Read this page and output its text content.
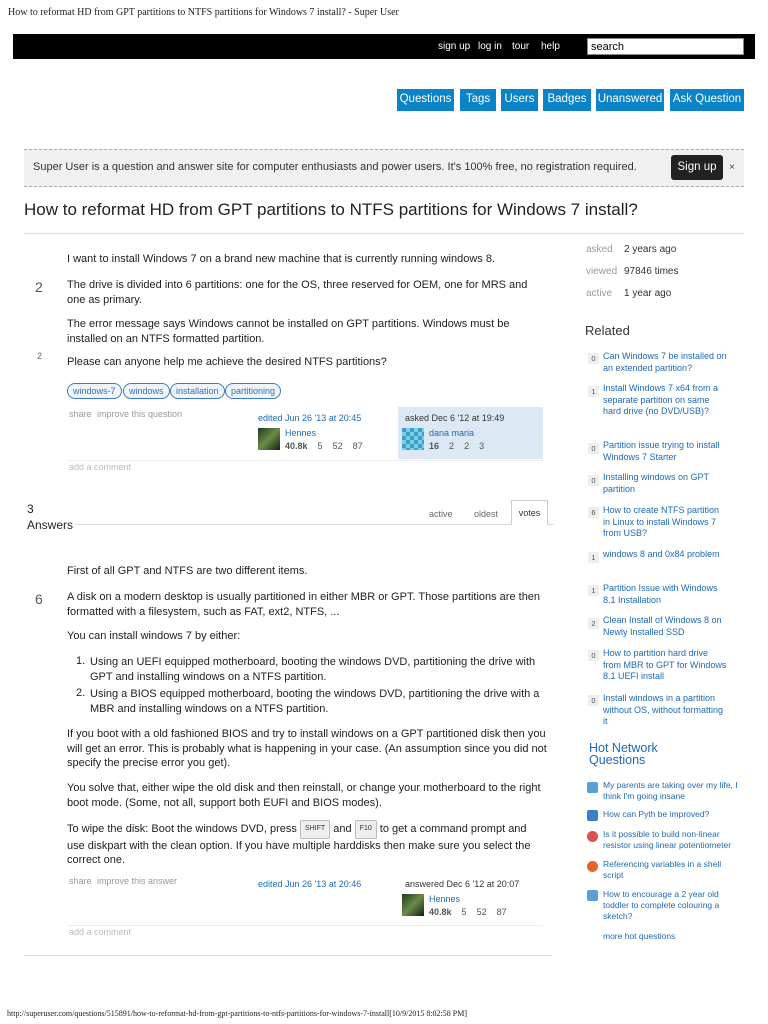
How to reformat HD from GPT partitions to NTFS partitions for Windows 7 install? - Super User
sign up log in tour help
search
Questions	Tags	Users	Badges Unanswered Ask Question
Super User is a question and answer site for computer enthusiasts and power users. It's 100% free, no registration required.	Sign up	×
How to reformat HD from GPT partitions to NTFS partitions for Windows 7 install?
2
2

I want to install Windows 7 on a brand new machine that is currently running windows 8.

The drive is divided into 6 partitions: one for the OS, three reserved for OEM, one for MRS and one as primary.

The error message says Windows cannot be installed on GPT partitions. Windows must be installed on an NTFS formatted partition.

Please can anyone help me achieve the desired NTFS partitions?

windows-7	windows	installation	partitioning
share improve this question	edited Jun 26 '13 at 20:45
Hennes
40.8k 5 52 87
asked Dec 6 '12 at 19:49
dana maria
16 2 2 3
add a comment
3
Answers
active oldest	votes
6

First of all GPT and NTFS are two different items.

A disk on a modern desktop is usually partitioned in either MBR or GPT. Those partitions are then formatted with a filesystem, such as FAT, ext2, NTFS, ...

You can install windows 7 by either:

1. Using an UEFI equipped motherboard, booting the windows DVD, partitioning the drive with GPT and installing windows on a NTFS partition.

2. Using a BIOS equipped motherboard, booting the windows DVD, partitioning the drive with a MBR and installing windows on a NTFS partition.

If you boot with a old fashioned BIOS and try to install windows on a GPT partitioned disk then you will get an error. This is probably what is happening in your case. (An assumption since you did not specify the precise error you get).

You solve that, either wipe the old disk and then reinstall, or change your motherboard to the right boot mode. (Some, not all, support both EUFI and BIOS modes).

To wipe the disk: Boot the windows DVD, press SHIFT and F10 to get a command prompt and use diskpart with the clean option. If you have multiple harddisks then make sure you select the correct one.

share improve this answer	edited Jun 26 '13 at 20:46	answered Dec 6 '12 at 20:07
Hennes
40.8k 5 52 87
add a comment
asked 2 years ago
viewed 97846 times
active 1 year ago
Related
0 Can Windows 7 be installed on an extended partition?
1 Install Windows 7 x64 from a separate partition on same hard drive (no DVD/USB)?
0 Partition issue trying to install Windows 7 Starter
0 Installing windows on GPT partition
6 How to create NTFS partition in Linux to install Windows 7 from USB?
1 windows 8 and 0x84 problem
1 Partition Issue with Windows 8.1 Installation
2 Clean Install of Windows 8 on Newly Installed SSD
0 How to partition hard drive from MBR to GPT for Windows 8.1 UEFI install
0 Install windows in a partition without OS, without formatting it
Hot Network Questions
My parents are taking over my life, I think I'm going insane
How can Pyth be improved?
Is it possible to build non-linear resistor using linear potentiometer
Referencing variables in a shell script
How to encourage a 2 year old toddler to complete colouring a sketch?
more hot questions
http://superuser.com/questions/515891/how-to-reformat-hd-from-gpt-partitions-to-ntfs-partitions-for-windows-7-install[10/9/2015 8:02:58 PM]
